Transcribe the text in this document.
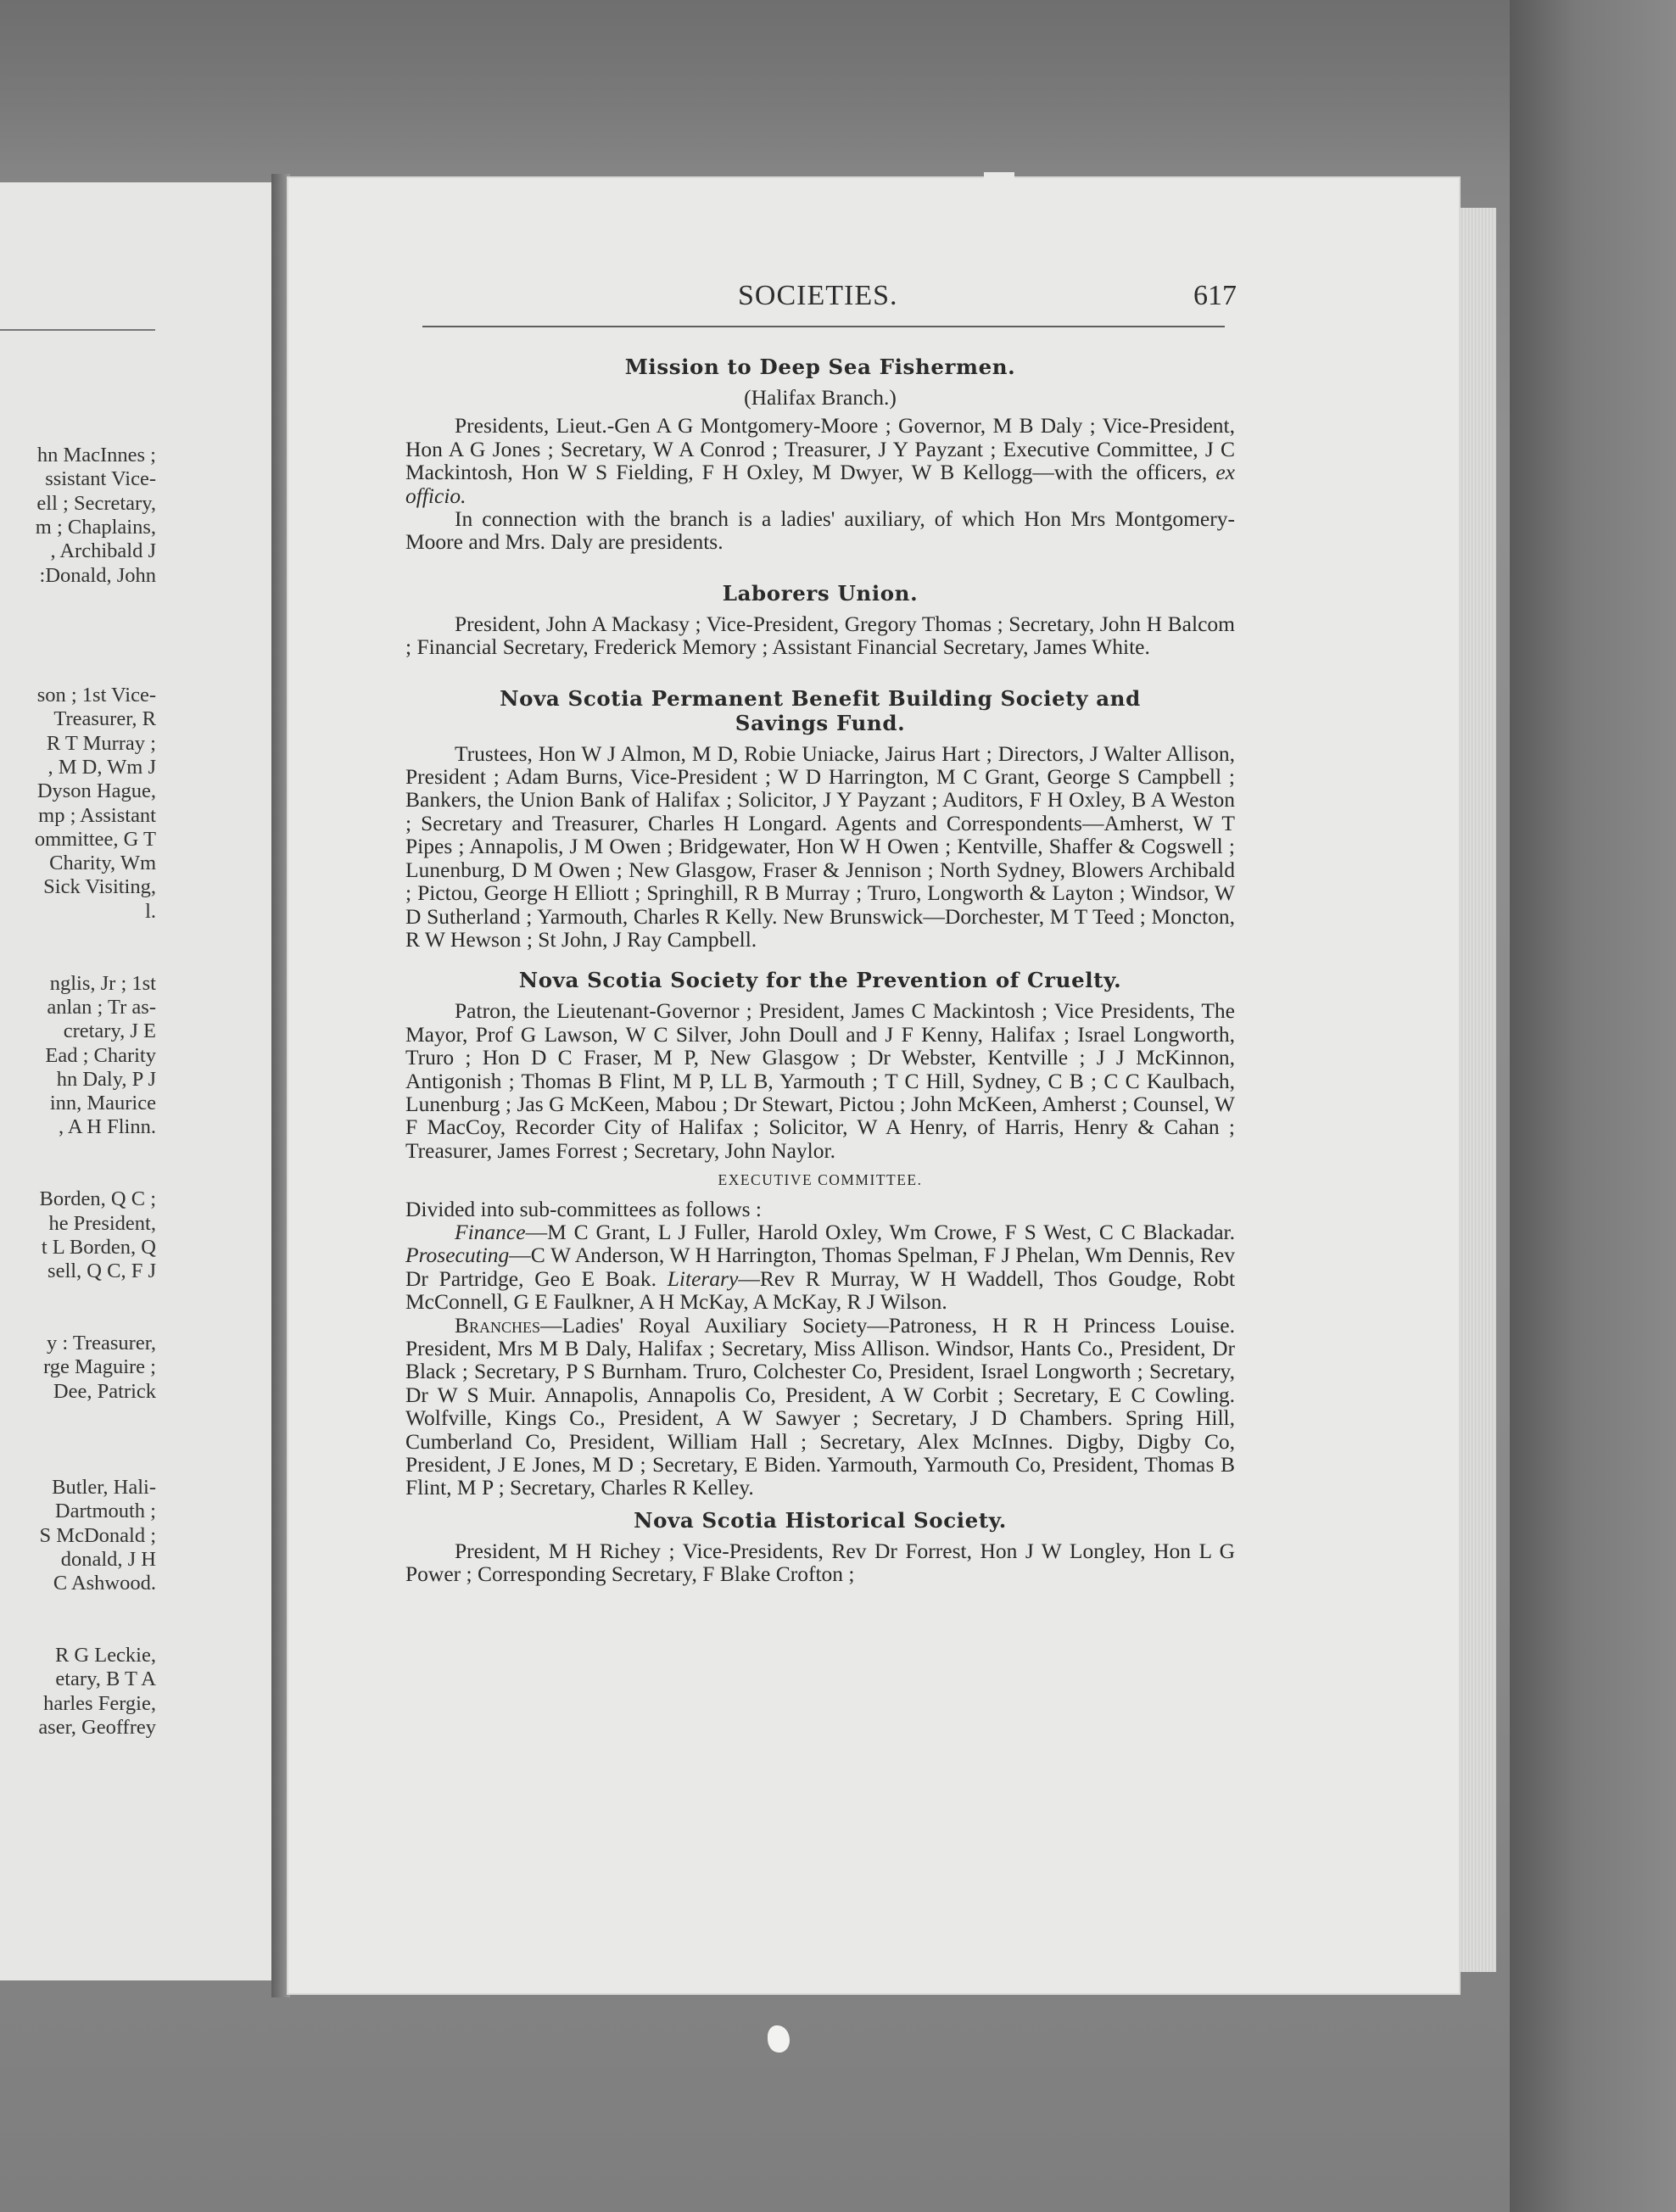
hn MacInnes ;

ssistant Vice-

ell ; Secretary,

m ; Chaplains,

, Archibald J

:Donald, John

son ; 1st Vice-

Treasurer, R

R T Murray ;

, M D, Wm J

Dyson Hague,

mp ; Assistant

ommittee, G T

Charity, Wm

Sick Visiting,

l.

nglis, Jr ; 1st

anlan ; Tr as-

cretary, J E

Ead ; Charity

hn Daly, P J

inn, Maurice

, A H Flinn.

Borden, Q C ;

he President,

t L Borden, Q

sell, Q C, F J

y : Treasurer,

rge Maguire ;

Dee, Patrick

Butler, Hali-

Dartmouth ;

S McDonald ;

donald, J H

C Ashwood.

R G Leckie,

etary, B T A

harles Fergie,

aser, Geoffrey

SOCIETIES.	617

Mission to Deep Sea Fishermen.

(Halifax Branch.)

Presidents, Lieut.-Gen A G Montgomery-Moore ; Governor, M B Daly ; Vice-President, Hon A G Jones ; Secretary, W A Conrod ; Treasurer, J Y Payzant ; Executive Committee, J C Mackintosh, Hon W S Fielding, F H Oxley, M Dwyer, W B Kellogg—with the officers, ex officio.

In connection with the branch is a ladies' auxiliary, of which Hon Mrs Montgomery-Moore and Mrs. Daly are presidents.

Laborers Union.

President, John A Mackasy ; Vice-President, Gregory Thomas ; Secretary, John H Balcom ; Financial Secretary, Frederick Memory ; Assistant Financial Secretary, James White.

Nova Scotia Permanent Benefit Building Society and
Savings Fund.

Trustees, Hon W J Almon, M D, Robie Uniacke, Jairus Hart ; Directors, J Walter Allison, President ; Adam Burns, Vice-President ; W D Harrington, M C Grant, George S Campbell ; Bankers, the Union Bank of Halifax ; Solicitor, J Y Payzant ; Auditors, F H Oxley, B A Weston ; Secretary and Treasurer, Charles H Longard. Agents and Correspondents—Amherst, W T Pipes ; Annapolis, J M Owen ; Bridgewater, Hon W H Owen ; Kentville, Shaffer & Cogswell ; Lunenburg, D M Owen ; New Glasgow, Fraser & Jennison ; North Sydney, Blowers Archibald ; Pictou, George H Elliott ; Springhill, R B Murray ; Truro, Longworth & Layton ; Windsor, W D Sutherland ; Yarmouth, Charles R Kelly. New Brunswick—Dorchester, M T Teed ; Moncton, R W Hewson ; St John, J Ray Campbell.

Nova Scotia Society for the Prevention of Cruelty.

Patron, the Lieutenant-Governor ; President, James C Mackintosh ; Vice Presidents, The Mayor, Prof G Lawson, W C Silver, John Doull and J F Kenny, Halifax ; Israel Longworth, Truro ; Hon D C Fraser, M P, New Glasgow ; Dr Webster, Kentville ; J J McKinnon, Antigonish ; Thomas B Flint, M P, LL B, Yarmouth ; T C Hill, Sydney, C B ; C C Kaulbach, Lunenburg ; Jas G McKeen, Mabou ; Dr Stewart, Pictou ; John McKeen, Amherst ; Counsel, W F MacCoy, Recorder City of Halifax ; Solicitor, W A Henry, of Harris, Henry & Cahan ; Treasurer, James Forrest ; Secretary, John Naylor.

EXECUTIVE COMMITTEE.

Divided into sub-committees as follows :

Finance—M C Grant, L J Fuller, Harold Oxley, Wm Crowe, F S West, C C Blackadar. Prosecuting—C W Anderson, W H Harrington, Thomas Spelman, F J Phelan, Wm Dennis, Rev Dr Partridge, Geo E Boak. Literary—Rev R Murray, W H Waddell, Thos Goudge, Robt McConnell, G E Faulkner, A H McKay, A McKay, R J Wilson.

Branches—Ladies' Royal Auxiliary Society—Patroness, H R H Princess Louise. President, Mrs M B Daly, Halifax ; Secretary, Miss Allison. Windsor, Hants Co., President, Dr Black ; Secretary, P S Burnham. Truro, Colchester Co, President, Israel Longworth ; Secretary, Dr W S Muir. Annapolis, Annapolis Co, President, A W Corbit ; Secretary, E C Cowling. Wolfville, Kings Co., President, A W Sawyer ; Secretary, J D Chambers. Spring Hill, Cumberland Co, President, William Hall ; Secretary, Alex McInnes. Digby, Digby Co, President, J E Jones, M D ; Secretary, E Biden. Yarmouth, Yarmouth Co, President, Thomas B Flint, M P ; Secretary, Charles R Kelley.

Nova Scotia Historical Society.

President, M H Richey ; Vice-Presidents, Rev Dr Forrest, Hon J W Longley, Hon L G Power ; Corresponding Secretary, F Blake Crofton ;
